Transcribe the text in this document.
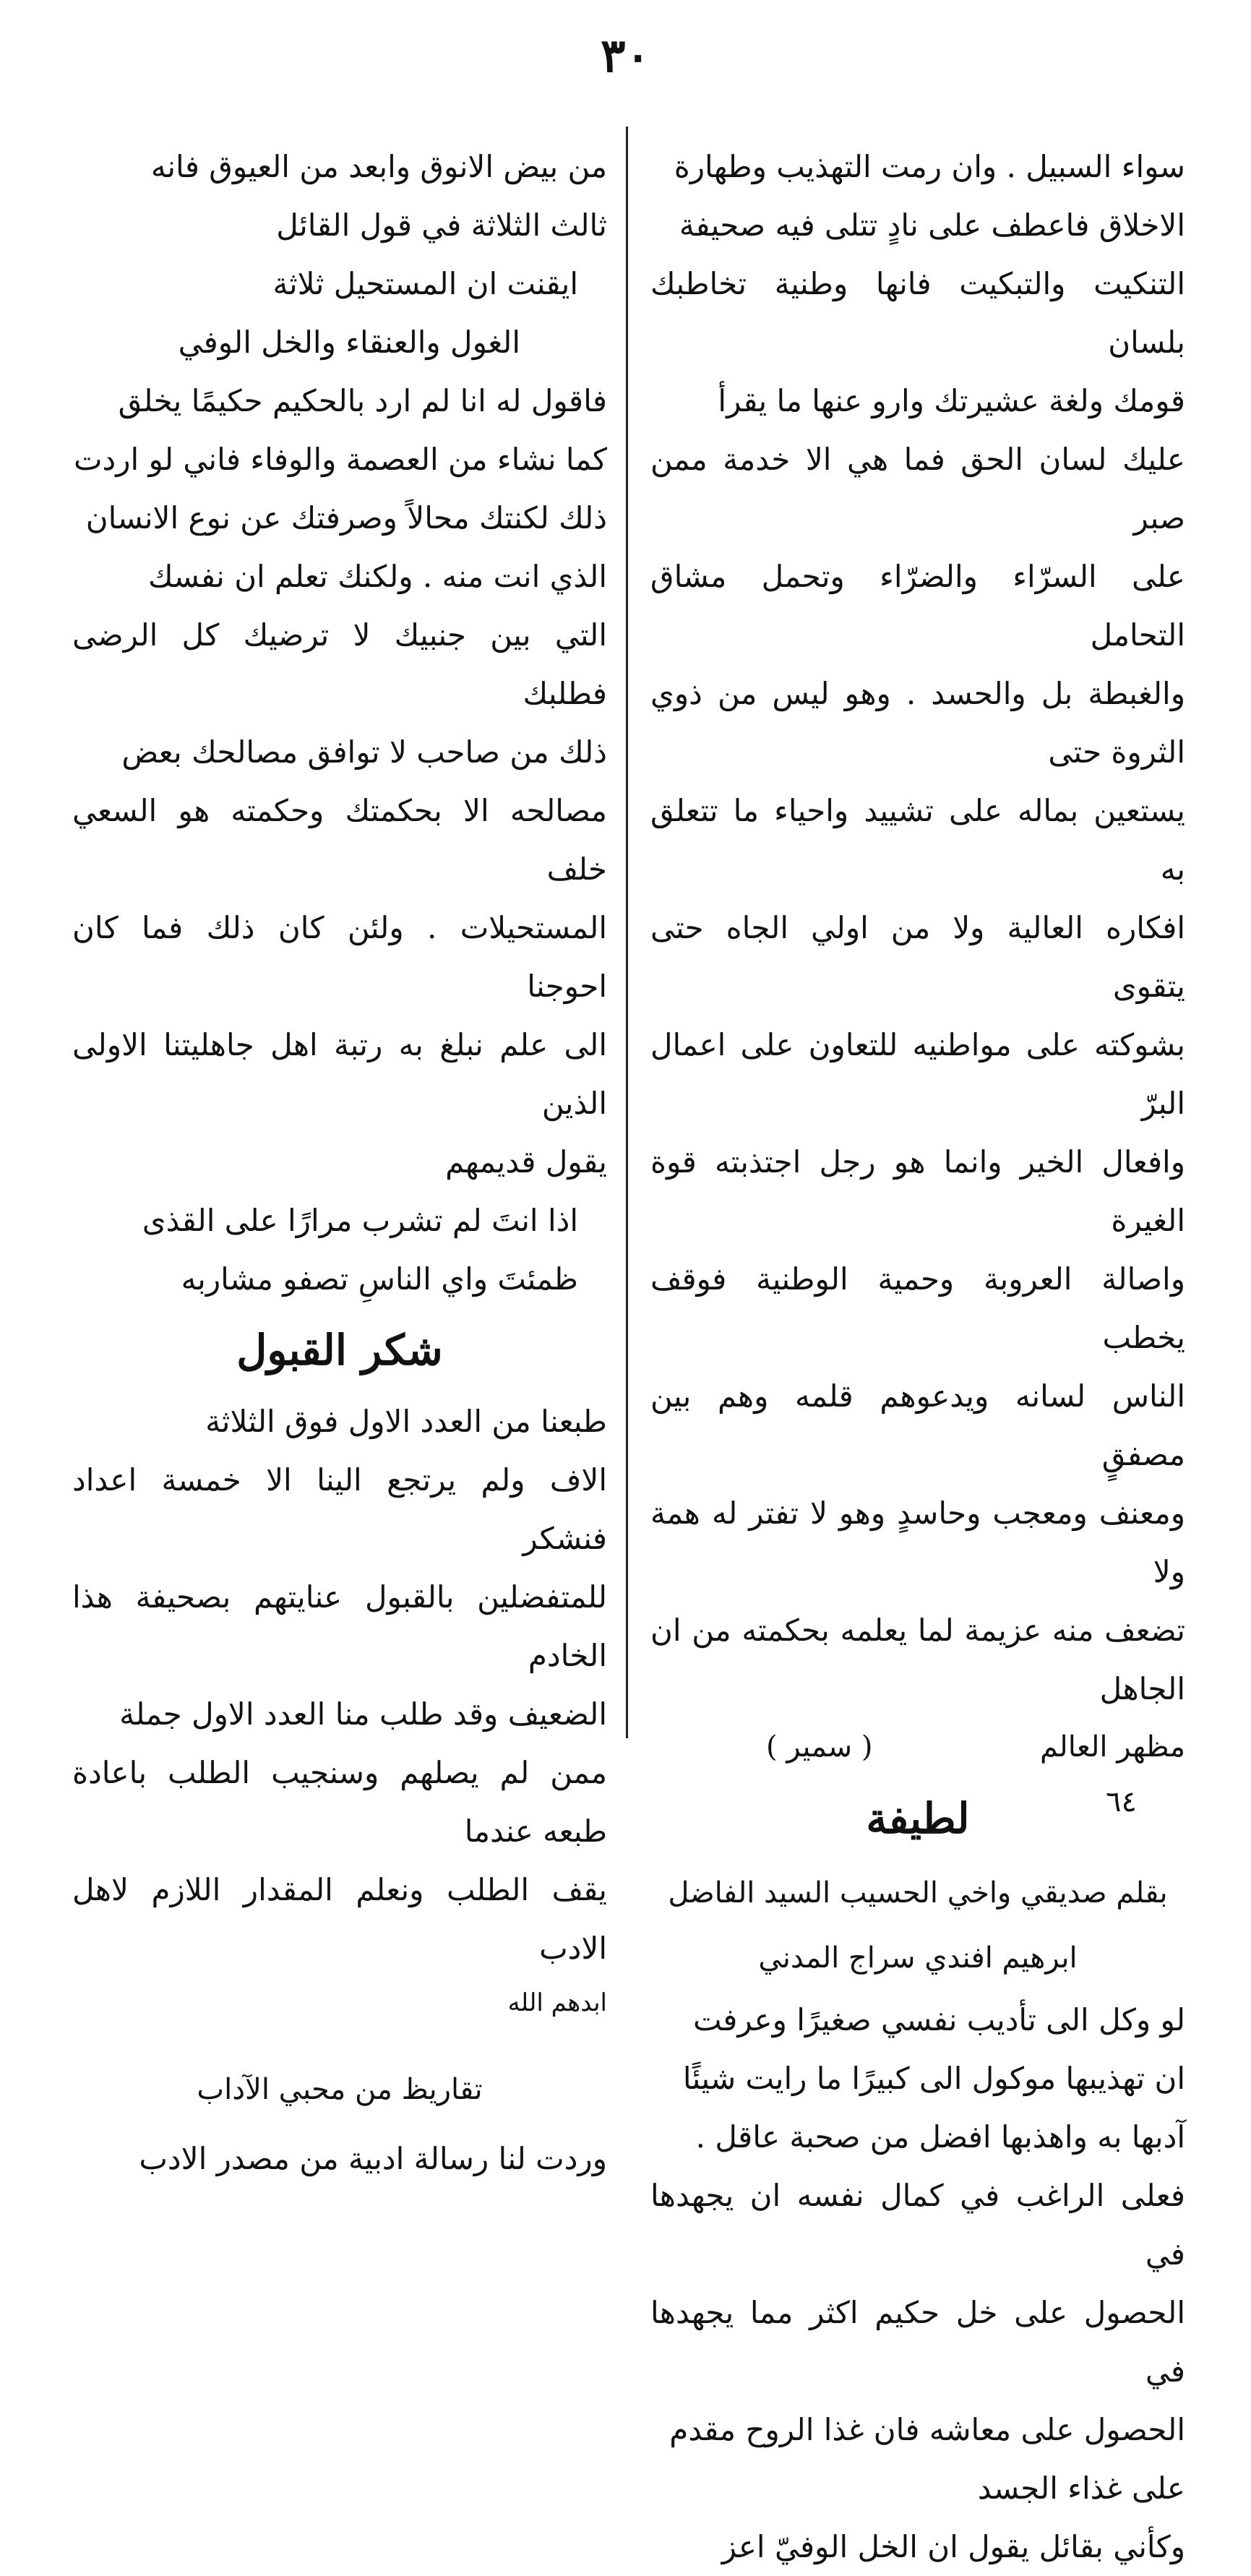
٣٠

سواء السبيل . وان رمت التهذيب وطهارة

الاخلاق فاعطف على نادٍ تتلى فيه صحيفة

التنكيت والتبكيت فانها وطنية تخاطبك بلسان

قومك ولغة عشيرتك وارو عنها ما يقرأ

عليك لسان الحق فما هي الا خدمة ممن صبر

على السرّاء والضرّاء وتحمل مشاق التحامل

والغبطة بل والحسد . وهو ليس من ذوي الثروة حتى

يستعين بماله على تشييد واحياء ما تتعلق به

افكاره العالية ولا من اولي الجاه حتى يتقوى

بشوكته على مواطنيه للتعاون على اعمال البرّ

وافعال الخير وانما هو رجل اجتذبته قوة الغيرة

واصالة العروبة وحمية الوطنية فوقف يخطب

الناس لسانه ويدعوهم قلمه وهم بين مصفقٍ

ومعنف ومعجب وحاسدٍ وهو لا تفتر له همة ولا

تضعف منه عزيمة لما يعلمه بحكمته من ان الجاهل

مظهر العالم
( سمير )
لطيفة

بقلم صديقي واخي الحسيب السيد الفاضل

ابرهيم افندي سراج المدني

لو وكل الى تأديب نفسي صغيرًا وعرفت

ان تهذيبها موكول الى كبيرًا ما رايت شيئًا

آدبها به واهذبها افضل من صحبة عاقل .

فعلى الراغب في كمال نفسه ان يجهدها في

الحصول على خل حكيم اكثر مما يجهدها في

الحصول على معاشه فان غذا الروح مقدم

على غذاء الجسد

وكأني بقائل يقول ان الخل الوفيّ اعز

من بيض الانوق وابعد من العيوق فانه

ثالث الثلاثة في قول القائل

ايقنت ان المستحيل ثلاثة

الغول والعنقاء والخل الوفي

فاقول له انا لم ارد بالحكيم حكيمًا يخلق

كما نشاء من العصمة والوفاء فاني لو اردت

ذلك لكنتك محالاً وصرفتك عن نوع الانسان

الذي انت منه . ولكنك تعلم ان نفسك

التي بين جنبيك لا ترضيك كل الرضى فطلبك

ذلك من صاحب لا توافق مصالحك بعض

مصالحه الا بحكمتك وحكمته هو السعي خلف

المستحيلات . ولئن كان ذلك فما كان احوجنا

الى علم نبلغ به رتبة اهل جاهليتنا الاولى الذين

يقول قديمهم

اذا انتَ لم تشرب مرارًا على القذى

ظمئتَ واي الناسِ تصفو مشاربه

شكر القبول

طبعنا من العدد الاول فوق الثلاثة

الاف ولم يرتجع الينا الا خمسة اعداد فنشكر

للمتفضلين بالقبول عنايتهم بصحيفة هذا الخادم

الضعيف وقد طلب منا العدد الاول جملة

ممن لم يصلهم وسنجيب الطلب باعادة طبعه عندما

يقف الطلب ونعلم المقدار اللازم لاهل الادب

ابدهم الله

تقاريظ من محبي الآداب

وردت لنا رسالة ادبية من مصدر الادب

٦٤
